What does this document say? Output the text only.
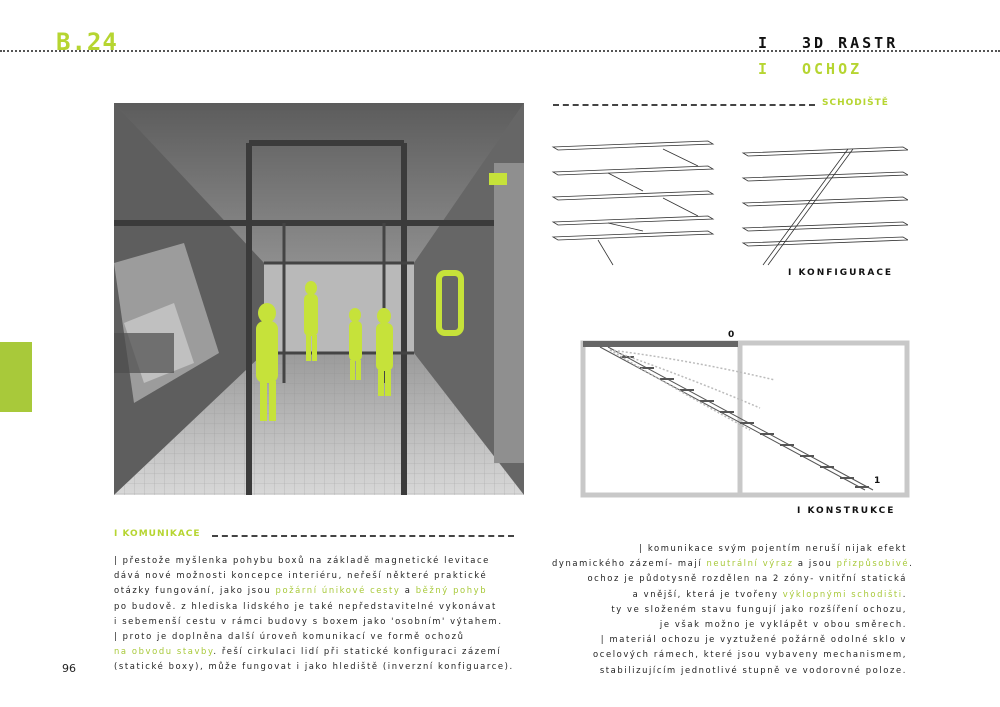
B.24	I 3D RASTR
I OCHOZ
SCHODIŠTĚ
I KONFIGURACE
0
1
I KONSTRUKCE
I KOMUNIKACE
| přestože myšlenka pohybu boxů na základě magnetické levitace
dává nové možnosti koncepce interiéru, neřeší některé praktické
otázky fungování, jako jsou požární únikové cesty a běžný pohyb
po budově. z hlediska lidského je také nepředstavitelné vykonávat
i sebemenší cestu v rámci budovy s boxem jako 'osobním' výtahem.
| proto je doplněna další úroveň komunikací ve formě ochozů
na obvodu stavby. řeší cirkulaci lidí při statické konfiguraci zázemí
(statické boxy), může fungovat i jako hlediště (inverzní konfiguarce).
| komunikace svým pojentím neruší nijak efekt
dynamického zázemí- mají neutrální výraz a jsou přizpůsobivé.
ochoz je půdotysně rozdělen na 2 zóny- vnitřní statická
a vnější, která je tvořeny výklopnými schodišti.
ty ve složeném stavu fungují jako rozšíření ochozu,
je však možno je vyklápět v obou směrech.
| materiál ochozu je vyztužené požárně odolné sklo v
ocelových rámech, které jsou vybaveny mechanismem,
stabilizujícím jednotlivé stupně ve vodorovné poloze.
96
